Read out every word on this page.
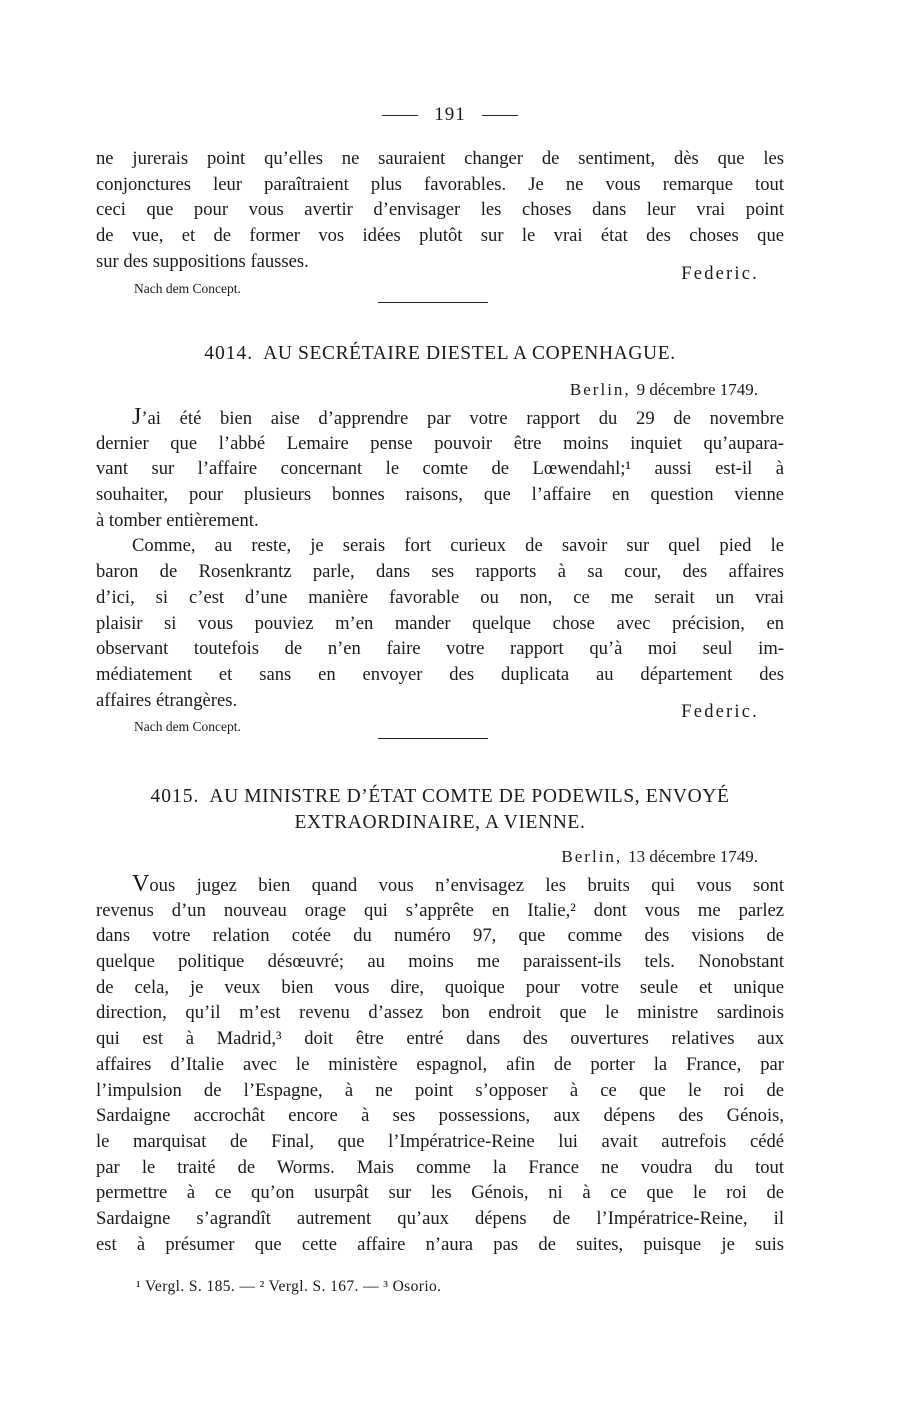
191
ne jurerais point qu’elles ne sauraient changer de sentiment, dès que les
conjonctures leur paraîtraient plus favorables. Je ne vous remarque tout
ceci que pour vous avertir d’envisager les choses dans leur vrai point
de vue, et de former vos idées plutôt sur le vrai état des choses que
sur des suppositions fausses.
Federic.
Nach dem Concept.
4014. AU SECRÉTAIRE DIESTEL A COPENHAGUE.
Berlin, 9 décembre 1749.
J’ai été bien aise d’apprendre par votre rapport du 29 de novembre
dernier que l’abbé Lemaire pense pouvoir être moins inquiet qu’aupara-
vant sur l’affaire concernant le comte de Lœwendahl;¹ aussi est-il à
souhaiter, pour plusieurs bonnes raisons, que l’affaire en question vienne
à tomber entièrement.
Comme, au reste, je serais fort curieux de savoir sur quel pied le
baron de Rosenkrantz parle, dans ses rapports à sa cour, des affaires
d’ici, si c’est d’une manière favorable ou non, ce me serait un vrai
plaisir si vous pouviez m’en mander quelque chose avec précision, en
observant toutefois de n’en faire votre rapport qu’à moi seul im-
médiatement et sans en envoyer des duplicata au département des
affaires étrangères.
Federic.
Nach dem Concept.
4015. AU MINISTRE D’ÉTAT COMTE DE PODEWILS, ENVOYÉ
EXTRAORDINAIRE, A VIENNE.
Berlin, 13 décembre 1749.
Vous jugez bien quand vous n’envisagez les bruits qui vous sont
revenus d’un nouveau orage qui s’apprête en Italie,² dont vous me parlez
dans votre relation cotée du numéro 97, que comme des visions de
quelque politique désœuvré; au moins me paraissent-ils tels. Nonobstant
de cela, je veux bien vous dire, quoique pour votre seule et unique
direction, qu’il m’est revenu d’assez bon endroit que le ministre sardinois
qui est à Madrid,³ doit être entré dans des ouvertures relatives aux
affaires d’Italie avec le ministère espagnol, afin de porter la France, par
l’impulsion de l’Espagne, à ne point s’opposer à ce que le roi de
Sardaigne accrochât encore à ses possessions, aux dépens des Génois,
le marquisat de Final, que l’Impératrice-Reine lui avait autrefois cédé
par le traité de Worms. Mais comme la France ne voudra du tout
permettre à ce qu’on usurpât sur les Génois, ni à ce que le roi de
Sardaigne s’agrandît autrement qu’aux dépens de l’Impératrice-Reine, il
est à présumer que cette affaire n’aura pas de suites, puisque je suis
¹ Vergl. S. 185. — ² Vergl. S. 167. — ³ Osorio.
